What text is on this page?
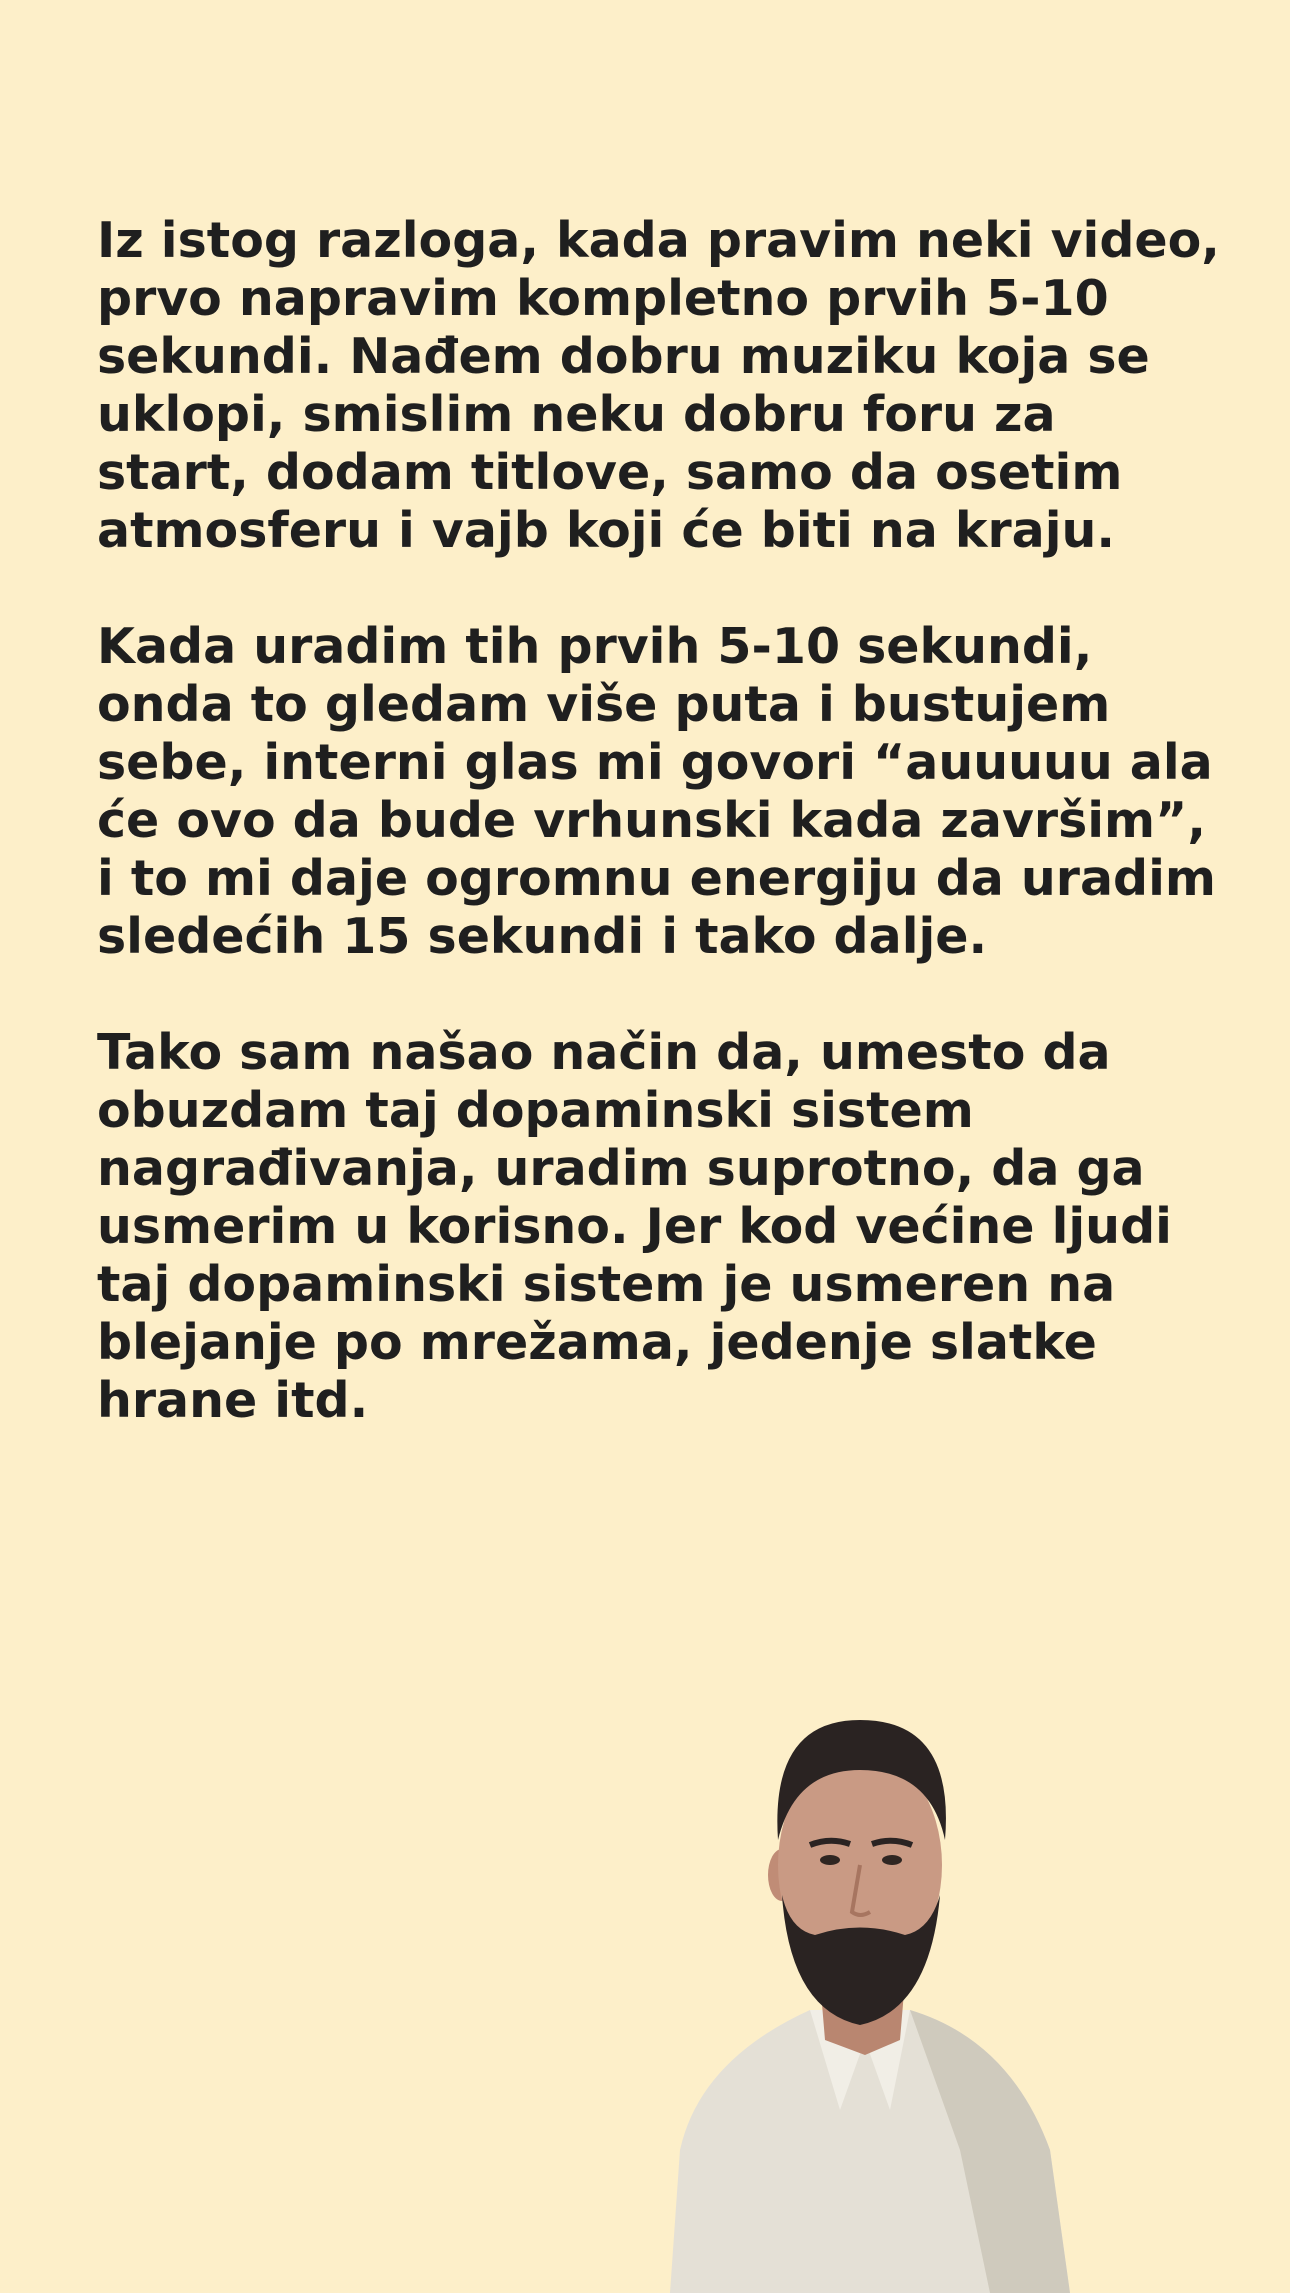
Iz istog razloga, kada pravim neki video,
prvo napravim kompletno prvih 5-10
sekundi. Nađem dobru muziku koja se
uklopi, smislim neku dobru foru za
start, dodam titlove, samo da osetim
atmosferu i vajb koji će biti na kraju.

Kada uradim tih prvih 5-10 sekundi,
onda to gledam više puta i bustujem
sebe, interni glas mi govori “auuuuu ala
će ovo da bude vrhunski kada završim”,
i to mi daje ogromnu energiju da uradim
sledećih 15 sekundi i tako dalje.

Tako sam našao način da, umesto da
obuzdam taj dopaminski sistem
nagrađivanja, uradim suprotno, da ga
usmerim u korisno. Jer kod većine ljudi
taj dopaminski sistem je usmeren na
blejanje po mrežama, jedenje slatke
hrane itd.
